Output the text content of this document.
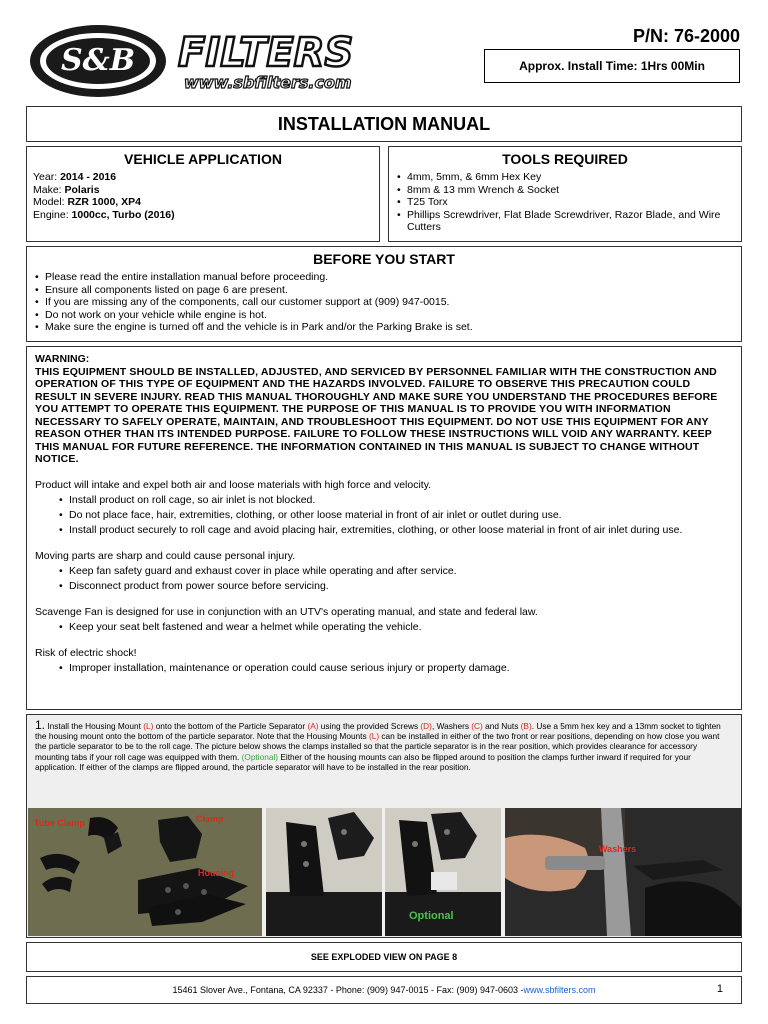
S&B FILTERS
www.sbfilters.com
P/N: 76-2000
Approx. Install Time: 1Hrs 00Min
INSTALLATION MANUAL
VEHICLE APPLICATION
Year: 2014 - 2016
Make: Polaris
Model: RZR 1000, XP4
Engine: 1000cc, Turbo (2016)
TOOLS REQUIRED
• 4mm, 5mm, & 6mm Hex Key
• 8mm & 13 mm Wrench & Socket
• T25 Torx
• Phillips Screwdriver, Flat Blade Screwdriver, Razor Blade, and Wire Cutters
BEFORE YOU START
• Please read the entire installation manual before proceeding.
• Ensure all components listed on page 6 are present.
• If you are missing any of the components, call our customer support at (909) 947-0015.
• Do not work on your vehicle while engine is hot.
• Make sure the engine is turned off and the vehicle is in Park and/or the Parking Brake is set.
WARNING:
THIS EQUIPMENT SHOULD BE INSTALLED, ADJUSTED, AND SERVICED BY PERSONNEL FAMILIAR WITH THE CONSTRUCTION AND OPERATION OF THIS TYPE OF EQUIPMENT AND THE HAZARDS INVOLVED. FAILURE TO OBSERVE THIS PRECAUTION COULD RESULT IN SEVERE INJURY. READ THIS MANUAL THOROUGHLY AND MAKE SURE YOU UNDERSTAND THE PROCEDURES BEFORE YOU ATTEMPT TO OPERATE THIS EQUIPMENT. THE PURPOSE OF THIS MANUAL IS TO PROVIDE YOU WITH INFORMATION NECESSARY TO SAFELY OPERATE, MAINTAIN, AND TROUBLESHOOT THIS EQUIPMENT. DO NOT USE THIS EQUIPMENT FOR ANY REASON OTHER THAN ITS INTENDED PURPOSE. FAILURE TO FOLLOW THESE INSTRUCTIONS WILL VOID ANY WARRANTY. KEEP THIS MANUAL FOR FUTURE REFERENCE. THE INFORMATION CONTAINED IN THIS MANUAL IS SUBJECT TO CHANGE WITHOUT NOTICE.
Product will intake and expel both air and loose materials with high force and velocity.
• Install product on roll cage, so air inlet is not blocked.
• Do not place face, hair, extremities, clothing, or other loose material in front of air inlet or outlet during use.
• Install product securely to roll cage and avoid placing hair, extremities, clothing, or other loose material in front of air inlet during use.
Moving parts are sharp and could cause personal injury.
• Keep fan safety guard and exhaust cover in place while operating and after service.
• Disconnect product from power source before servicing.
Scavenge Fan is designed for use in conjunction with an UTV's operating manual, and state and federal law.
• Keep your seat belt fastened and wear a helmet while operating the vehicle.
Risk of electric shock!
• Improper installation, maintenance or operation could cause serious injury or property damage.
1. Install the Housing Mount (L) onto the bottom of the Particle Separator (A) using the provided Screws (D), Washers (C) and Nuts (B). Use a 5mm hex key and a 13mm socket to tighten the housing mount onto the bottom of the particle separator. Note that the Housing Mounts (L) can be installed in either of the two front or rear positions, depending on how close you want the particle separator to be to the roll cage. The picture below shows the clamps installed so that the particle separator is in the rear position, which provides clearance for accessory mounting tabs if your roll cage was equipped with them. (Optional) Either of the housing mounts can also be flipped around to position the clamps further inward if required for your application. If either of the clamps are flipped around, the particle separator will have to be installed in the rear position.
Tube Clamp	Clamp
Housing
Optional
Washers
SEE EXPLODED VIEW ON PAGE 8
15461 Slover Ave., Fontana, CA 92337 - Phone: (909) 947-0015 - Fax: (909) 947-0603 - www.sbfilters.com	1
